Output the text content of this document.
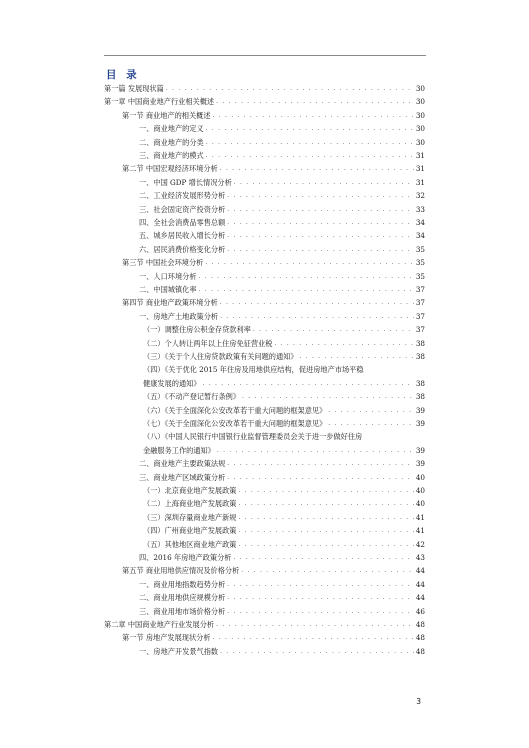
目 录
第一篇 发展现状篇 . . .	30
第一章 中国商业地产行业相关概述 . . .	30
第一节 商业地产的相关概述 . . .	30
一、商业地产的定义 . . .	30
二、商业地产的分类 . . .	30
三、商业地产的模式 . . .	31
第二节 中国宏观经济环境分析 . . .	31
一、中国 GDP 增长情况分析 . . .	31
二、工业经济发展形势分析 . . .	32
三、社会固定资产投资分析 . . .	33
四、全社会消费品零售总额 . . .	34
五、城乡居民收入增长分析 . . .	34
六、居民消费价格变化分析 . . .	35
第三节 中国社会环境分析 . . .	35
一、人口环境分析 . . .	35
二、中国城镇化率 . . .	37
第四节 商业地产政策环境分析 . . .	37
一、房地产土地政策分析 . . .	37
（一）调整住房公积金存贷款利率 . . .	37
（二）个人转让两年以上住房免征营业税 . . .	38
（三）《关于个人住房贷款政策有关问题的通知》 . . .	38
（四）《关于优化 2015 年住房及用地供应结构，促进房地产市场平稳
健康发展的通知》 . . .	38
（五）《不动产登记暂行条例》 . . .	38
（六）《关于全面深化公安改革若干重大问题的框架意见》 . . .	39
（七）《关于全面深化公安改革若干重大问题的框架意见》 . . .	39
（八）《中国人民银行中国银行业监督管理委员会关于进一步做好住房
金融服务工作的通知》 . . .	39
二、商业地产主要政策法规 . . .	39
三、商业地产区域政策分析 . . .	40
（一）北京商业地产发展政策 . . .	40
（二）上海商业地产发展政策 . . .	40
（三）深圳存量商业地产新规 . . .	41
（四）广州商业地产发展政策 . . .	41
（五）其他地区商业地产政策 . . .	42
四、2016 年房地产政策分析 . . .	43
第五节 商业用地供应情况及价格分析 . . .	44
一、商业用地指数趋势分析 . . .	44
二、商业用地供应规模分析 . . .	44
三、商业用地市场价格分析 . . .	46
第二章 中国商业地产行业发展分析 . . .	48
第一节 房地产发展现状分析 . . .	48
一、房地产开发景气指数 . . .	48
3
